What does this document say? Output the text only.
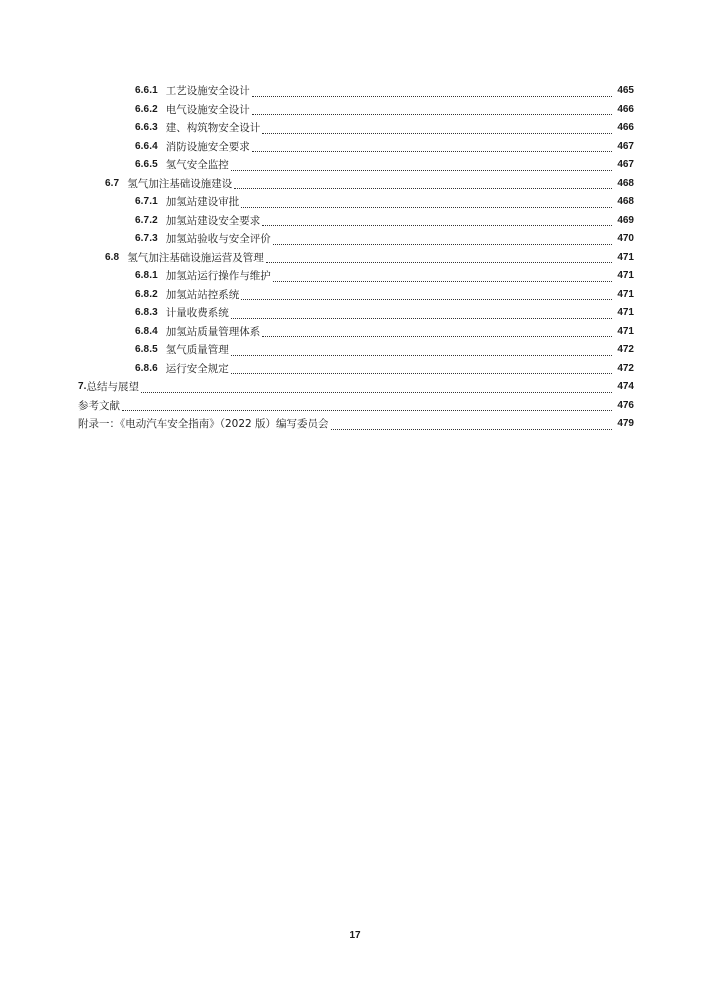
6.6.1 工艺设施安全设计	465
6.6.2 电气设施安全设计	466
6.6.3 建、构筑物安全设计	466
6.6.4 消防设施安全要求	467
6.6.5 氢气安全监控	467
6.7 氢气加注基础设施建设	468
6.7.1 加氢站建设审批	468
6.7.2 加氢站建设安全要求	469
6.7.3 加氢站验收与安全评价	470
6.8 氢气加注基础设施运营及管理	471
6.8.1 加氢站运行操作与维护	471
6.8.2 加氢站站控系统	471
6.8.3 计量收费系统	471
6.8.4 加氢站质量管理体系	471
6.8.5 氢气质量管理	472
6.8.6 运行安全规定	472
7. 总结与展望	474
参考文献	476
附录一：《电动汽车安全指南》（2022 版）编写委员会	479
17
